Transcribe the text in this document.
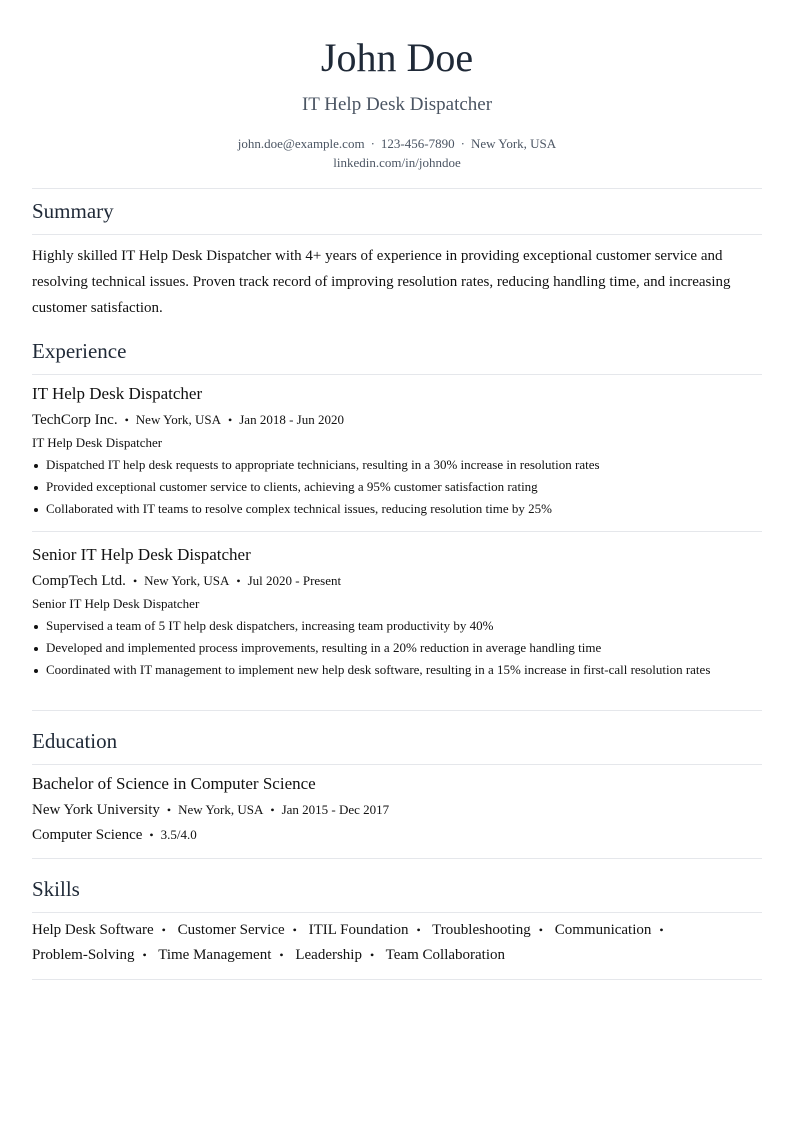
John Doe
IT Help Desk Dispatcher
john.doe@example.com · 123-456-7890 · New York, USA
linkedin.com/in/johndoe
Summary
Highly skilled IT Help Desk Dispatcher with 4+ years of experience in providing exceptional customer service and resolving technical issues. Proven track record of improving resolution rates, reducing handling time, and increasing customer satisfaction.
Experience
IT Help Desk Dispatcher
TechCorp Inc. • New York, USA • Jan 2018 - Jun 2020
IT Help Desk Dispatcher
Dispatched IT help desk requests to appropriate technicians, resulting in a 30% increase in resolution rates
Provided exceptional customer service to clients, achieving a 95% customer satisfaction rating
Collaborated with IT teams to resolve complex technical issues, reducing resolution time by 25%
Senior IT Help Desk Dispatcher
CompTech Ltd. • New York, USA • Jul 2020 - Present
Senior IT Help Desk Dispatcher
Supervised a team of 5 IT help desk dispatchers, increasing team productivity by 40%
Developed and implemented process improvements, resulting in a 20% reduction in average handling time
Coordinated with IT management to implement new help desk software, resulting in a 15% increase in first-call resolution rates
Education
Bachelor of Science in Computer Science
New York University • New York, USA • Jan 2015 - Dec 2017
Computer Science • 3.5/4.0
Skills
Help Desk Software • Customer Service • ITIL Foundation • Troubleshooting • Communication •
Problem-Solving • Time Management • Leadership • Team Collaboration
